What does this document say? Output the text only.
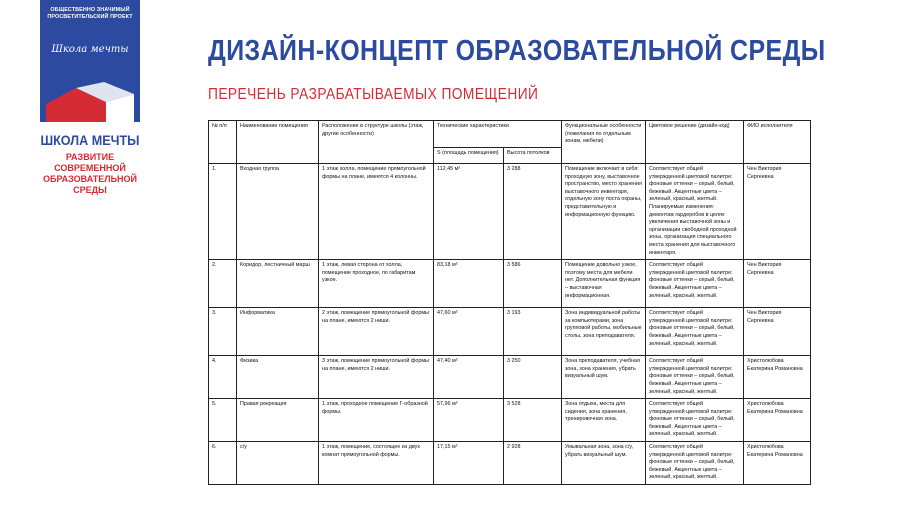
ОБЩЕСТВЕННО ЗНАЧИМЫЙ ПРОСВЕТИТЕЛЬСКИЙ ПРОЕКТ
Школа мечты
ШКОЛА МЕЧТЫ
РАЗВИТИЕ СОВРЕМЕННОЙ ОБРАЗОВАТЕЛЬНОЙ СРЕДЫ
ДИЗАЙН-КОНЦЕПТ ОБРАЗОВАТЕЛЬНОЙ СРЕДЫ
ПЕРЕЧЕНЬ РАЗРАБАТЫВАЕМЫХ ПОМЕЩЕНИЙ
№ п/п	Наименование помещения	Расположение в структуре школы (этаж, другие особенности)	Технические характеристики		Функциональные особенности (пожелания по отдельным зонам, мебели)	Цветовое решение (дизайн-код)	ФИО исполнителя
			S (площадь помещения)	Высота потолков			
1.	Входная группа	1 этаж холла, помещение прямоугольной формы на плане, имеются 4 колонны.	112,45 м²	3 288	Помещение включает в себя: проходную зону, выставочное пространство, место хранения выставочного инвентаря, отдельную зону поста охраны, представительную и информационную функцию.	Соответствует общей утвержденной цветовой палитре: фоновые оттенки – серый, белый, бежевый. Акцентные цвета – зеленый, красный, желтый. Планируемые изменения: демонтаж гардеробов в целях увеличения выставочной зоны и организации свободной проходной зоны, организация специального места хранения для выставочного инвентаря.	Чен Виктория Сергеевна
2.	Коридор, лестничный марш	1 этаж, левая сторона от холла, помещение проходное, по габаритам узкое.	83,18 м²	3 586	Помещение довольно узкое, поэтому места для мебели нет. Дополнительная функция – выставочная информационная.	Соответствует общей утвержденной цветовой палитре: фоновые оттенки – серый, белый, бежевый. Акцентные цвета – зеленый, красный, желтый.	Чен Виктория Сергеевна
3.	Информатика	2 этаж, помещение прямоугольной формы на плане, имеются 2 ниши.	47,60 м²	3 193	Зона индивидуальной работы за компьютерами, зона групповой работы, мобильные столы, зона преподавателя.	Соответствует общей утвержденной цветовой палитре: фоновые оттенки – серый, белый, бежевый. Акцентные цвета – зеленый, красный, желтый.	Чен Виктория Сергеевна
4.	Физика	3 этаж, помещение прямоугольной формы на плане, имеются 2 ниши.	47,40 м²	3 250	Зона преподавателя, учебная зона, зона хранения, убрать визуальный шум.	Соответствует общей утвержденной цветовой палитре: фоновые оттенки – серый, белый, бежевый. Акцентные цвета – зеленый, красный, желтый.	Христолюбова Екатерина Романовна
5.	Правая рекреация	1 этаж, проходное помещение Г-образной формы.	57,96 м²	3 528	Зона отдыха, места для сидения, зона хранения, тренировочная зона.	Соответствует общей утвержденной цветовой палитре: фоновые оттенки – серый, белый, бежевый. Акцентные цвета – зеленый, красный, желтый.	Христолюбова Екатерина Романовна
6.	с/у	1 этаж, помещение, состоящее из двух комнат прямоугольной формы.	17,15 м²	2 928	Умывальная зона, зона с/у, убрать визуальный шум.	Соответствует общей утвержденной цветовой палитре: фоновые оттенки – серый, белый, бежевый. Акцентные цвета – зеленый, красный, желтый.	Христолюбова Екатерина Романовна
